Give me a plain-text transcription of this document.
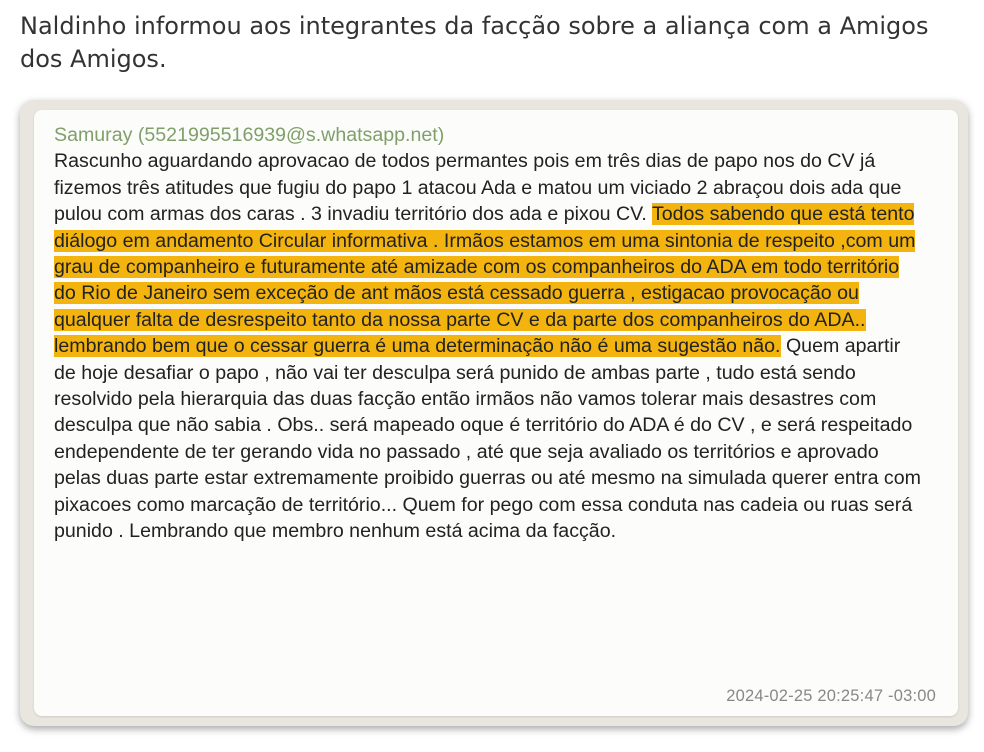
Naldinho informou aos integrantes da facção sobre a aliança com a Amigos dos Amigos.

Samuray (5521995516939@s.whatsapp.net)
Rascunho aguardando aprovacao de todos permantes pois em três dias de papo nos do CV já fizemos três atitudes que fugiu do papo 1 atacou Ada e matou um viciado 2 abraçou dois ada que pulou com armas dos caras . 3 invadiu território dos ada e pixou CV. Todos sabendo que está tento diálogo em andamento Circular informativa . Irmãos estamos em uma sintonia de respeito ,com um grau de companheiro e futuramente até amizade com os companheiros do ADA em todo território do Rio de Janeiro sem exceção de ant mãos está cessado guerra , estigacao provocação ou qualquer falta de desrespeito tanto da nossa parte CV e da parte dos companheiros do ADA.. lembrando bem que o cessar guerra é uma determinação não é uma sugestão não. Quem apartir de hoje desafiar o papo , não vai ter desculpa será punido de ambas parte , tudo está sendo resolvido pela hierarquia das duas facção então irmãos não vamos tolerar mais desastres com desculpa que não sabia . Obs.. será mapeado oque é território do ADA é do CV , e será respeitado endependente de ter gerando vida no passado , até que seja avaliado os territórios e aprovado pelas duas parte estar extremamente proibido guerras ou até mesmo na simulada querer entra com pixacoes como marcação de território... Quem for pego com essa conduta nas cadeia ou ruas será punido . Lembrando que membro nenhum está acima da facção.
2024-02-25 20:25:47 -03:00
